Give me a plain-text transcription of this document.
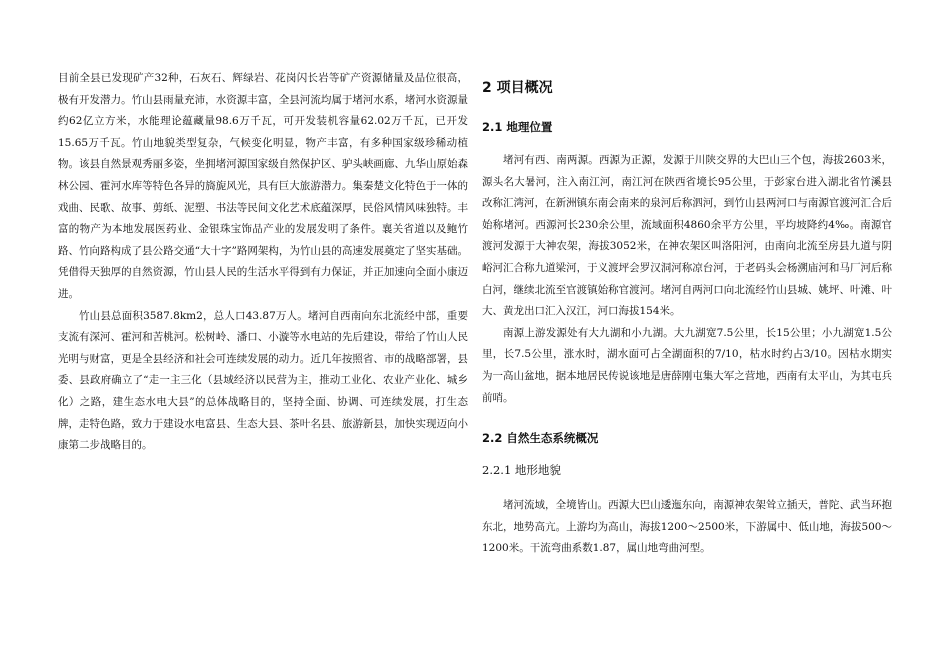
目前全县已发现矿产32种，石灰石、辉绿岩、花岗闪长岩等矿产资源储量及品位很高，极有开发潜力。竹山县雨量充沛，水资源丰富，全县河流均属于堵河水系，堵河水资源量约62亿立方米，水能理论蕴藏量98.6万千瓦，可开发装机容量62.02万千瓦，已开发15.65万千瓦。竹山地貌类型复杂，气候变化明显，物产丰富，有多种国家级珍稀动植物。该县自然景观秀丽多姿，坐拥堵河源国家级自然保护区、驴头峡画廊、九华山原始森林公园、霍河水库等特色各异的旖旎风光，具有巨大旅游潜力。集秦楚文化特色于一体的戏曲、民歌、故事、剪纸、泥塑、书法等民间文化艺术底蕴深厚，民俗风情风味独特。丰富的物产为本地发展医药业、金银珠宝饰品产业的发展发明了条件。襄关省道以及鲍竹路、竹向路构成了县公路交通“大十字”路网架构，为竹山县的高速发展奠定了坚实基础。凭借得天独厚的自然资源，竹山县人民的生活水平得到有力保证，并正加速向全面小康迈进。

竹山县总面积3587.8km2，总人口43.87万人。堵河自西南向东北流经中部，重要支流有深河、霍河和苦桃河。松树岭、潘口、小漩等水电站的先后建设，带给了竹山人民光明与财富，更是全县经济和社会可连续发展的动力。近几年按照省、市的战略部署，县委、县政府确立了“走一主三化（县域经济以民营为主，推动工业化、农业产业化、城乡化）之路，建生态水电大县”的总体战略目的，坚持全面、协调、可连续发展，打生态牌，走特色路，致力于建设水电富县、生态大县、茶叶名县、旅游新县，加快实现迈向小康第二步战略目的。

2 项目概况
2.1 地理位置

堵河有西、南两源。西源为正源，发源于川陕交界的大巴山三个包，海拔2603米，源头名大暑河，注入南江河，南江河在陕西省境长95公里，于彭家台进入湖北省竹溪县改称汇湾河，在新洲镇东南会南来的泉河后称泗河，到竹山县两河口与南源官渡河汇合后始称堵河。西源河长230余公里，流域面积4860余平方公里，平均坡降约4‰。南源官渡河发源于大神农架，海拔3052米，在神农架区叫洛阳河，由南向北流至房县九道与阴峪河汇合称九道梁河，于义渡坪会罗汉洞河称凉台河，于老码头会杨溯庙河和马厂河后称白河，继续北流至官渡镇始称官渡河。堵河自两河口向北流经竹山县城、姚坪、叶滩、叶大、黄龙出口汇入汉江，河口海拔154米。

南源上游发源处有大九湖和小九湖。大九湖宽7.5公里，长15公里；小九湖宽1.5公里，长7.5公里，涨水时，湖水面可占全湖面积的7/10，枯水时约占3/10。因枯水期实为一高山盆地，据本地居民传说该地是唐薛刚屯集大军之营地，西南有太平山，为其屯兵前哨。

2.2 自然生态系统概况
2.2.1 地形地貌

堵河流域，全境皆山。西源大巴山逶迤东向，南源神农架耸立插天，普陀、武当环抱东北，地势高亢。上游均为高山，海拔1200～2500米，下游属中、低山地，海拔500～1200米。干流弯曲系数1.87，属山地弯曲河型。
